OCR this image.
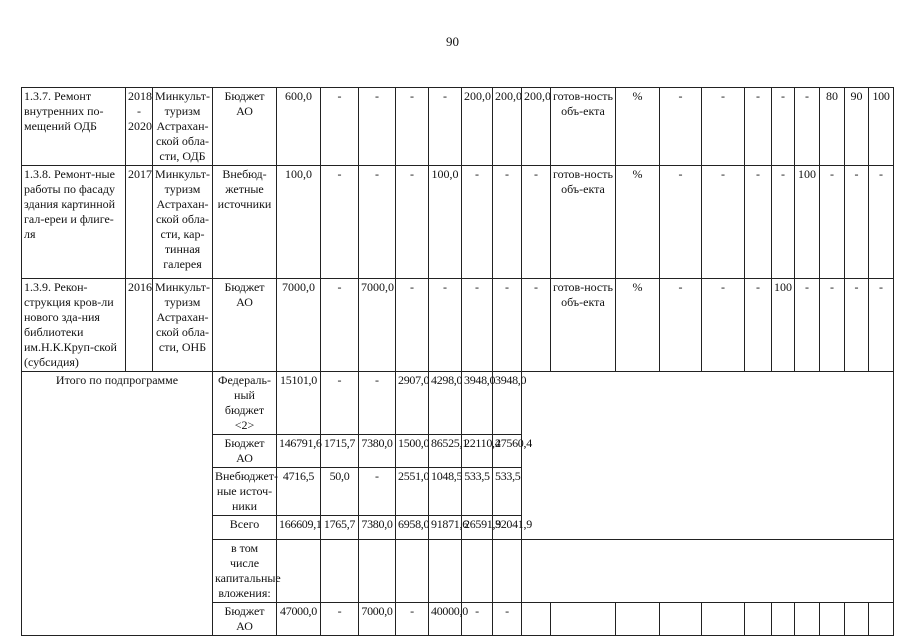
90
1.3.7. Ремонт внутренних по-мещений ОДБ	2018 - 2020	Минкульт-туризм Астрахан-ской обла-сти, ОДБ	Бюджет АО	600,0	-	-	-	-	200,0	200,0	200,0	готов-ность объ-екта	%	-	-	-	-	-	80	90	100
1.3.8. Ремонт-ные работы по фасаду здания картинной гал-ереи и флиге-ля	2017	Минкульт-туризм Астрахан-ской обла-сти, кар-тинная галерея	Внебюд-жетные источники	100,0	-	-	-	100,0	-	-	-	готов-ность объ-екта	%	-	-	-	-	100	-	-	-
1.3.9. Рекон-струкция кров-ли нового зда-ния библиотеки им.Н.К.Круп-ской (субсидия)	2016	Минкульт-туризм Астрахан-ской обла-сти, ОНБ	Бюджет АО	7000,0	-	7000,0	-	-	-	-	-	готов-ность объ-екта	%	-	-	-	100	-	-	-	-
Итого по подпрограмме			Федераль-ный бюджет <2>	15101,0	-	-	2907,0	4298,0	3948,0	3948,0											
			Бюджет АО	146791,6	1715,7	7380,0	1500,0	86525,1	22110,4	27560,4											
			Внебюджет-ные источ-ники	4716,5	50,0	-	2551,0	1048,5	533,5	533,5											
			Всего	166609,1	1765,7	7380,0	6958,0	91871,6	26591,9	32041,9											
			в том числе капитальные вложения:																		
			Бюджет АО	47000,0	-	7000,0	-	40000,0	-	-											
